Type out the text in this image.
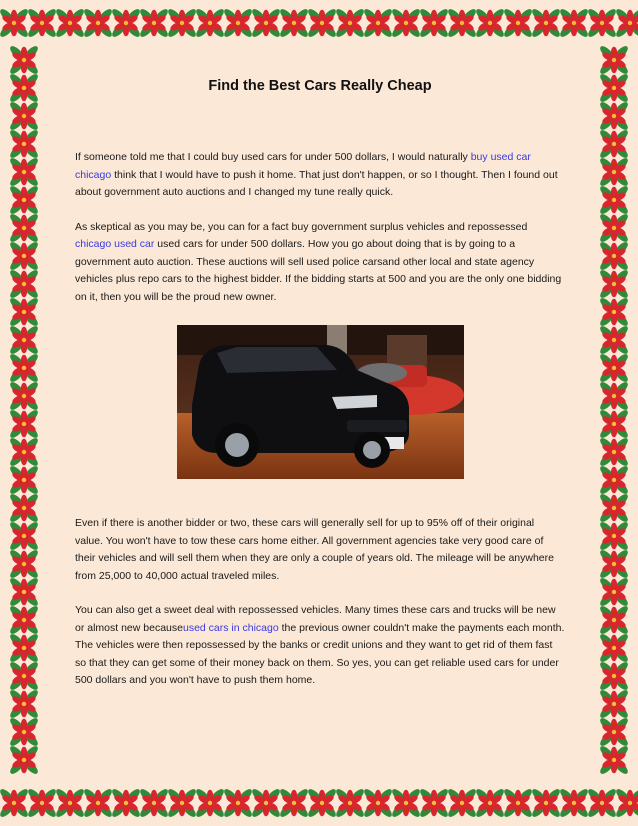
Find the Best Cars Really Cheap

If someone told me that I could buy used cars for under 500 dollars, I would naturally buy used car chicago think that I would have to push it home. That just don't happen, or so I thought. Then I found out about government auto auctions and I changed my tune really quick.

As skeptical as you may be, you can for a fact buy government surplus vehicles and repossessed chicago used car used cars for under 500 dollars. How you go about doing that is by going to a government auto auction. These auctions will sell used police carsand other local and state agency vehicles plus repo cars to the highest bidder. If the bidding starts at 500 and you are the only one bidding on it, then you will be the proud new owner.

Even if there is another bidder or two, these cars will generally sell for up to 95% off of their original value. You won't have to tow these cars home either. All government agencies take very good care of their vehicles and will sell them when they are only a couple of years old. The mileage will be anywhere from 25,000 to 40,000 actual traveled miles.

You can also get a sweet deal with repossessed vehicles. Many times these cars and trucks will be new or almost new becauseused cars in chicago the previous owner couldn't make the payments each month. The vehicles were then repossessed by the banks or credit unions and they want to get rid of them fast so that they can get some of their money back on them. So yes, you can get reliable used cars for under 500 dollars and you won't have to push them home.
